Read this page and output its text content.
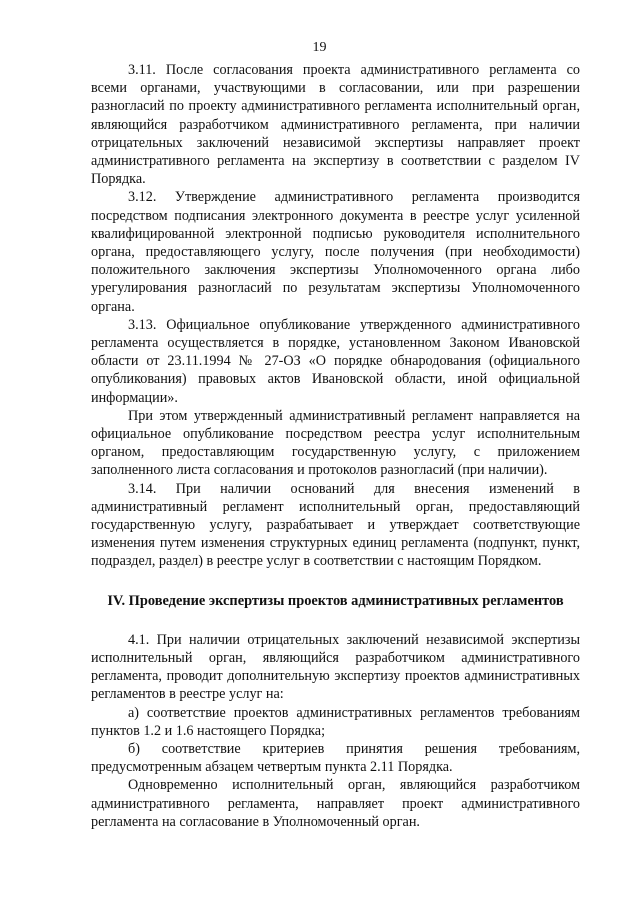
19

3.11. После согласования проекта административного регламента со всеми органами, участвующими в согласовании, или при разрешении разногласий по проекту административного регламента исполнительный орган, являющийся разработчиком административного регламента, при наличии отрицательных заключений независимой экспертизы направляет проект административного регламента на экспертизу в соответствии с разделом IV Порядка.

3.12. Утверждение административного регламента производится посредством подписания электронного документа в реестре услуг усиленной квалифицированной электронной подписью руководителя исполнительного органа, предоставляющего услугу, после получения (при необходимости) положительного заключения экспертизы Уполномоченного органа либо урегулирования разногласий по результатам экспертизы Уполномоченного органа.

3.13. Официальное опубликование утвержденного административного регламента осуществляется в порядке, установленном Законом Ивановской области от 23.11.1994 № 27-ОЗ «О порядке обнародования (официального опубликования) правовых актов Ивановской области, иной официальной информации».

При этом утвержденный административный регламент направляется на официальное опубликование посредством реестра услуг исполнительным органом, предоставляющим государственную услугу, с приложением заполненного листа согласования и протоколов разногласий (при наличии).

3.14. При наличии оснований для внесения изменений в административный регламент исполнительный орган, предоставляющий государственную услугу, разрабатывает и утверждает соответствующие изменения путем изменения структурных единиц регламента (подпункт, пункт, подраздел, раздел) в реестре услуг в соответствии с настоящим Порядком.

IV. Проведение экспертизы проектов административных регламентов

4.1. При наличии отрицательных заключений независимой экспертизы исполнительный орган, являющийся разработчиком административного регламента, проводит дополнительную экспертизу проектов административных регламентов в реестре услуг на:

а) соответствие проектов административных регламентов требованиям пунктов 1.2 и 1.6 настоящего Порядка;

б) соответствие критериев принятия решения требованиям, предусмотренным абзацем четвертым пункта 2.11 Порядка.

Одновременно исполнительный орган, являющийся разработчиком административного регламента, направляет проект административного регламента на согласование в Уполномоченный орган.
